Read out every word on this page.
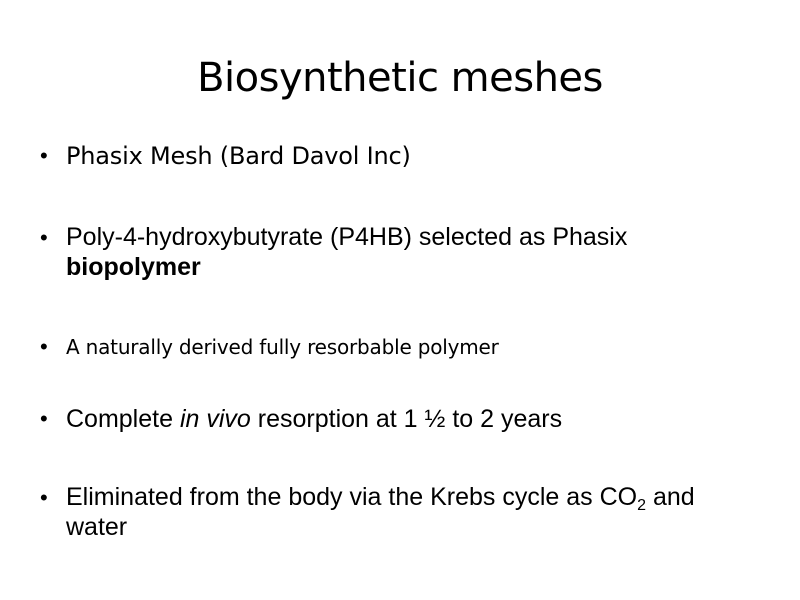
Biosynthetic meshes
• Phasix Mesh (Bard Davol Inc)
• Poly-4-hydroxybutyrate (P4HB) selected as Phasix biopolymer
• A naturally derived fully resorbable polymer
• Complete in vivo resorption at 1 ½ to 2 years
• Eliminated from the body via the Krebs cycle as $CO_2$ and water
